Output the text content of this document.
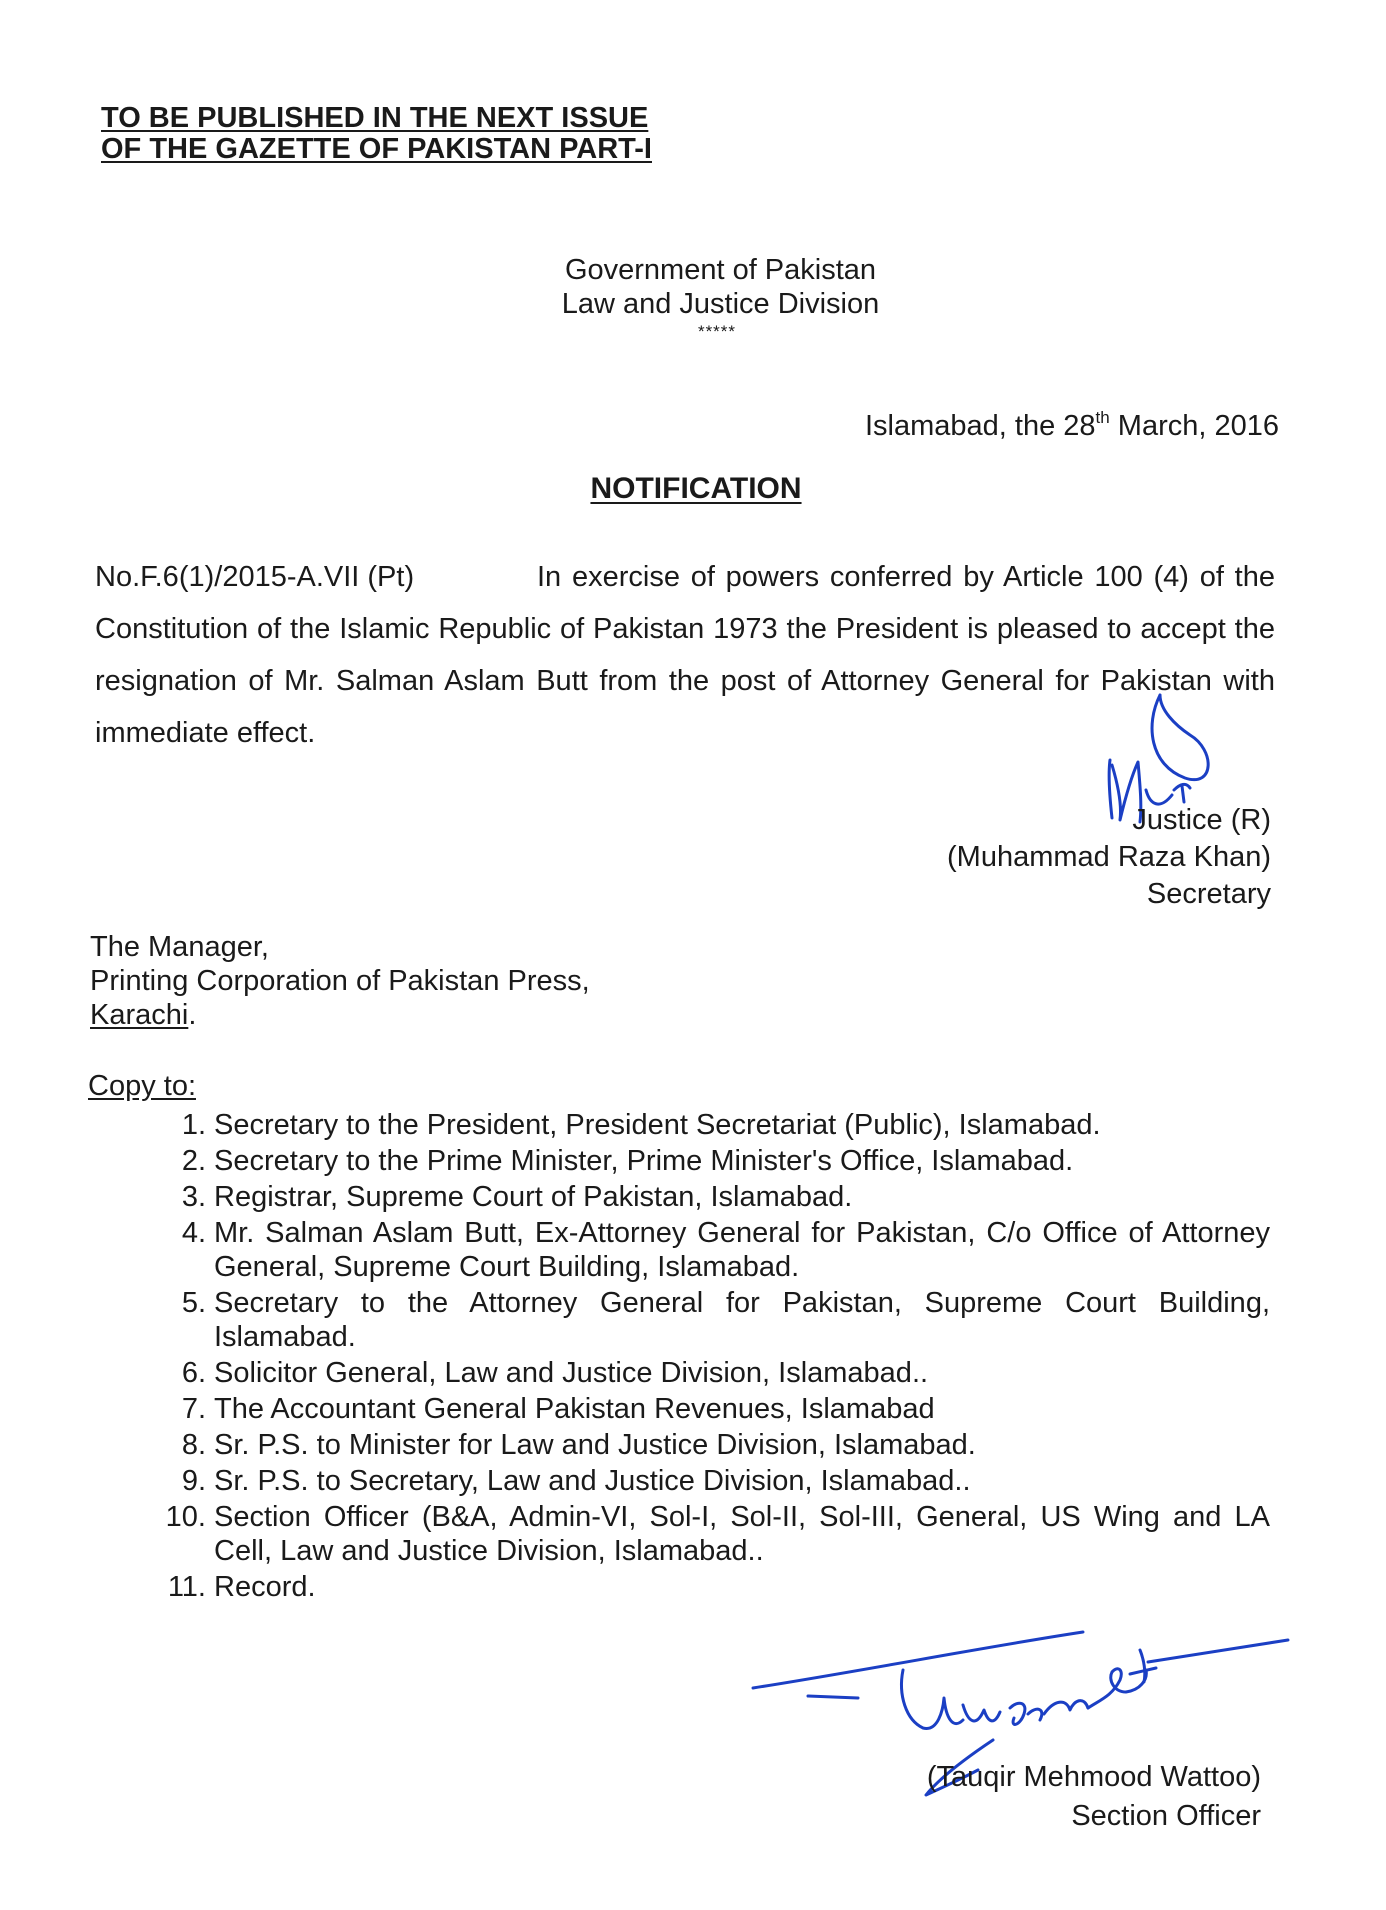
TO BE PUBLISHED IN THE NEXT ISSUE
OF THE GAZETTE OF PAKISTAN PART-I
Government of Pakistan
Law and Justice Division
*****
Islamabad, the 28th March, 2016
NOTIFICATION
No.F.6(1)/2015-A.VII (Pt)	In exercise of powers conferred by Article 100 (4) of the Constitution of the Islamic Republic of Pakistan 1973 the President is pleased to accept the resignation of Mr. Salman Aslam Butt from the post of Attorney General for Pakistan with immediate effect.
Justice (R)
(Muhammad Raza Khan)
Secretary
The Manager,
Printing Corporation of Pakistan Press,
Karachi.
Copy to:
1. Secretary to the President, President Secretariat (Public), Islamabad.
2. Secretary to the Prime Minister, Prime Minister's Office, Islamabad.
3. Registrar, Supreme Court of Pakistan, Islamabad.
4. Mr. Salman Aslam Butt, Ex-Attorney General for Pakistan, C/o Office of Attorney General, Supreme Court Building, Islamabad.
5. Secretary to the Attorney General for Pakistan, Supreme Court Building, Islamabad.
6. Solicitor General, Law and Justice Division, Islamabad..
7. The Accountant General Pakistan Revenues, Islamabad
8. Sr. P.S. to Minister for Law and Justice Division, Islamabad.
9. Sr. P.S. to Secretary, Law and Justice Division, Islamabad..
10. Section Officer (B&A, Admin-VI, Sol-I, Sol-II, Sol-III, General, US Wing and LA Cell, Law and Justice Division, Islamabad..
11. Record.
(Tauqir Mehmood Wattoo)
Section Officer
